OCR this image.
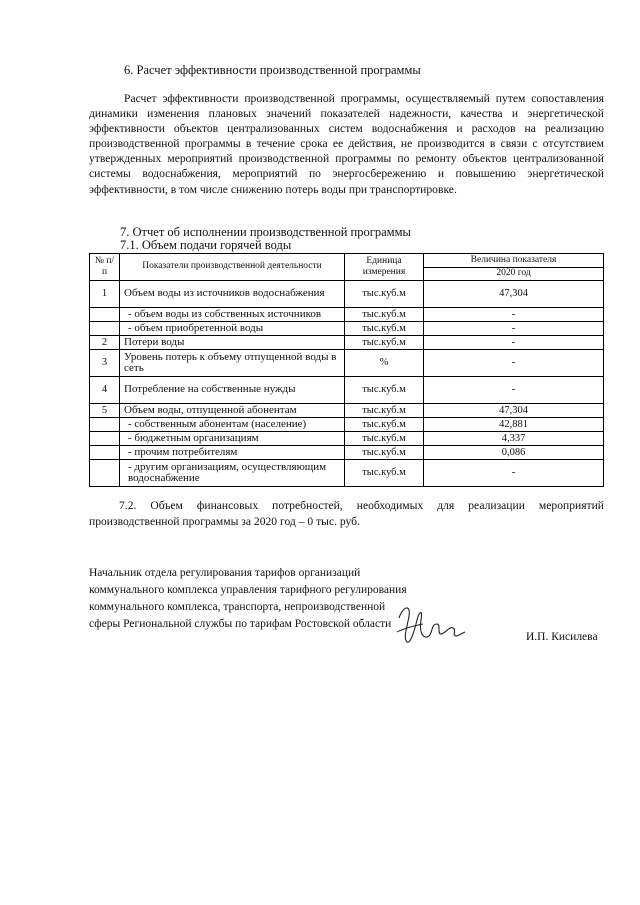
6. Расчет эффективности производственной программы

Расчет эффективности производственной программы, осуществляемый путем сопоставления динамики изменения плановых значений показателей надежности, качества и энергетической эффективности объектов централизованных систем водоснабжения и расходов на реализацию производственной программы в течение срока ее действия, не производится в связи с отсутствием утвержденных мероприятий производственной программы по ремонту объектов централизованной системы водоснабжения, мероприятий по энергосбережению и повышению энергетической эффективности, в том числе снижению потерь воды при транспортировке.

7. Отчет об исполнении производственной программы
7.1. Объем подачи горячей воды
№ п/п	Показатели производственной деятельности	Единица измерения	Величина показателя
			2020 год
1	Объем воды из источников водоснабжения	тыс.куб.м	47,304
	- объем воды из собственных источников	тыс.куб.м	-
	- объем приобретенной воды	тыс.куб.м	-
2	Потери воды	тыс.куб.м	-
3	Уровень потерь к объему отпущенной воды в сеть	%	-
4	Потребление на собственные нужды	тыс.куб.м	-
5	Объем воды, отпущенной абонентам	тыс.куб.м	47,304
	- собственным абонентам (население)	тыс.куб.м	42,881
	- бюджетным организациям	тыс.куб.м	4,337
	- прочим потребителям	тыс.куб.м	0,086
	- другим организациям, осуществляющим водоснабжение	тыс.куб.м	-

7.2. Объем финансовых потребностей, необходимых для реализации мероприятий производственной программы за 2020 год – 0 тыс. руб.

Начальник отдела регулирования тарифов организаций коммунального комплекса управления тарифного регулирования коммунального комплекса, транспорта, непроизводственной сферы Региональной службы по тарифам Ростовской области
И.П. Кисилева
